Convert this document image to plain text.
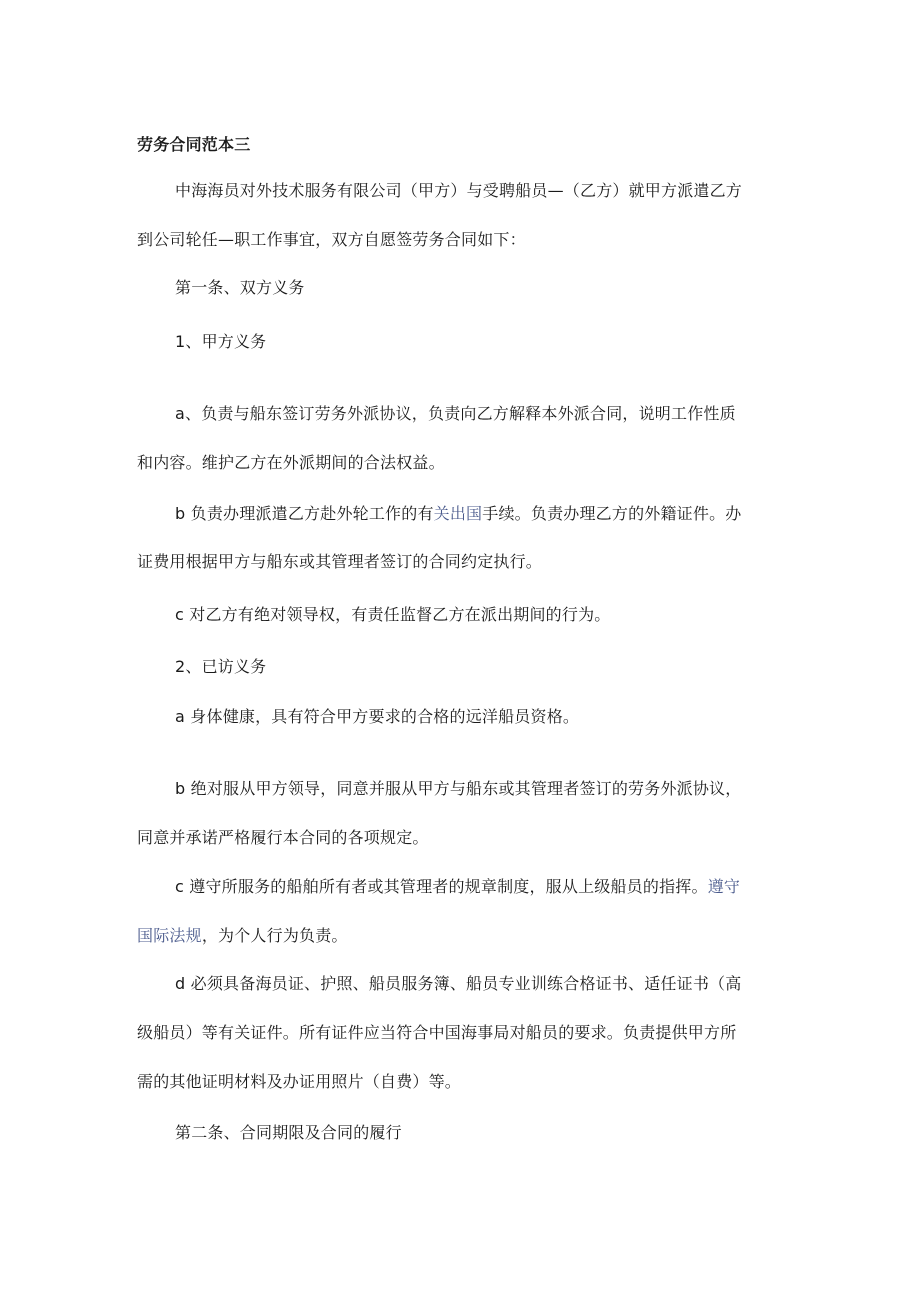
劳务合同范本三
中海海员对外技术服务有限公司（甲方）与受聘船员—（乙方）就甲方派遣乙方
到公司轮任—职工作事宜，双方自愿签劳务合同如下：
第一条、双方义务
1、甲方义务
a、负责与船东签订劳务外派协议，负责向乙方解释本外派合同，说明工作性质
和内容。维护乙方在外派期间的合法权益。
b 负责办理派遣乙方赴外轮工作的有关出国手续。负责办理乙方的外籍证件。办
证费用根据甲方与船东或其管理者签订的合同约定执行。
c 对乙方有绝对领导权，有责任监督乙方在派出期间的行为。
2、已访义务
a 身体健康，具有符合甲方要求的合格的远洋船员资格。
b 绝对服从甲方领导，同意并服从甲方与船东或其管理者签订的劳务外派协议，
同意并承诺严格履行本合同的各项规定。
c 遵守所服务的船舶所有者或其管理者的规章制度，服从上级船员的指挥。遵守
国际法规，为个人行为负责。
d 必须具备海员证、护照、船员服务簿、船员专业训练合格证书、适任证书（高
级船员）等有关证件。所有证件应当符合中国海事局对船员的要求。负责提供甲方所
需的其他证明材料及办证用照片（自费）等。
第二条、合同期限及合同的履行
